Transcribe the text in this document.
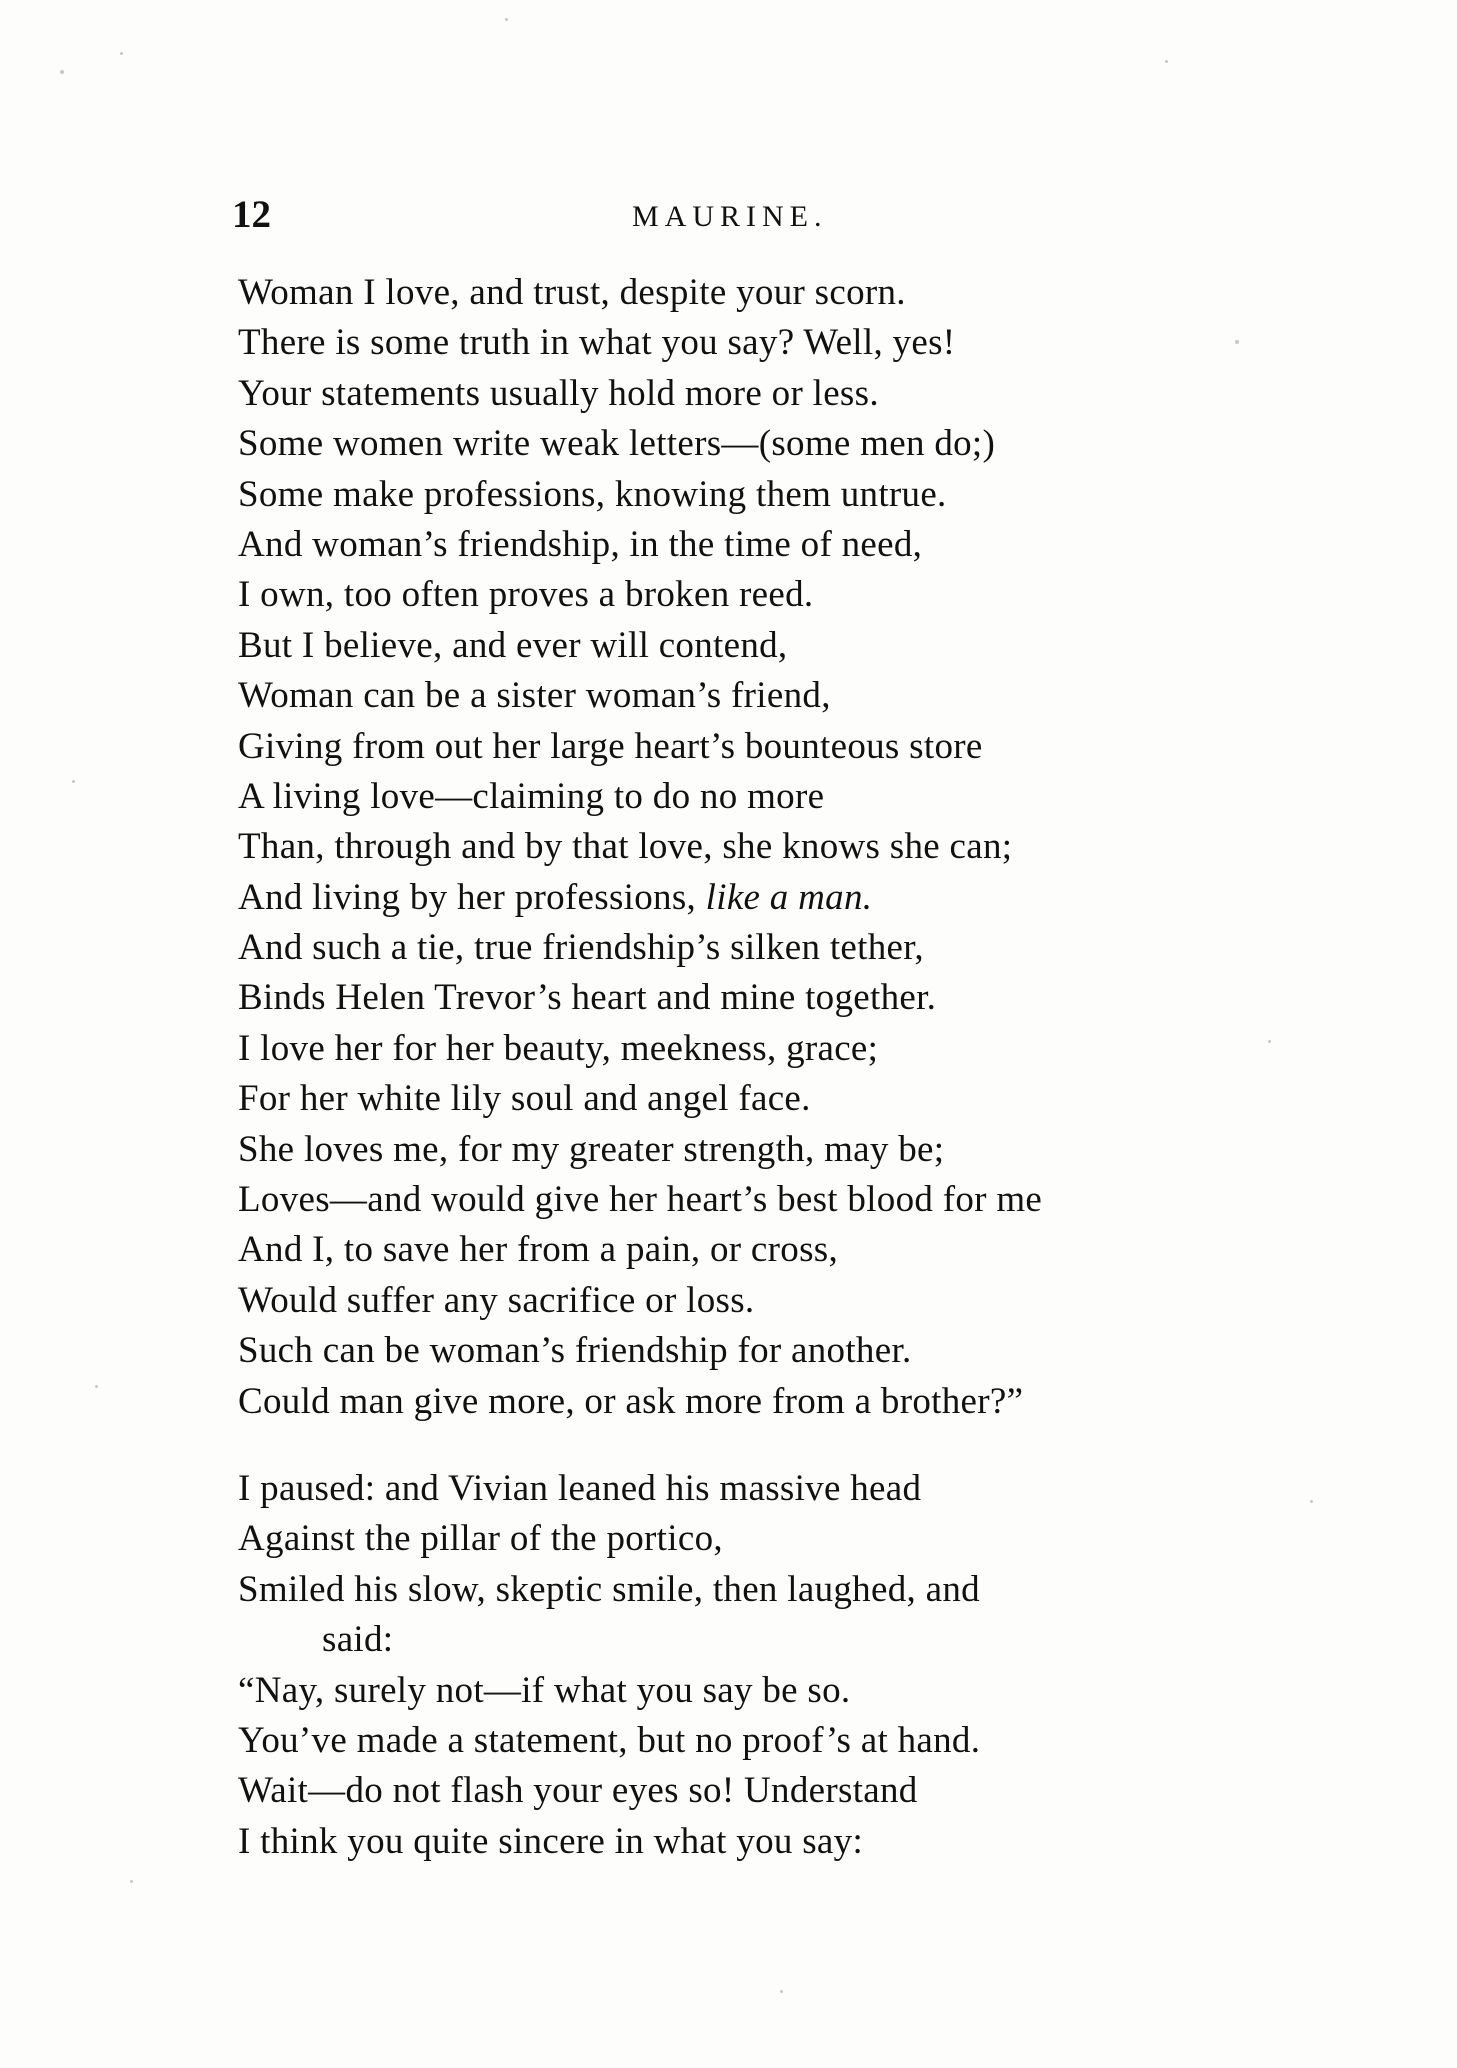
12	MAURINE.
Woman I love, and trust, despite your scorn.
There is some truth in what you say? Well, yes!
Your statements usually hold more or less.
Some women write weak letters—(some men do;)
Some make professions, knowing them untrue.
And woman’s friendship, in the time of need,
I own, too often proves a broken reed.
But I believe, and ever will contend,
Woman can be a sister woman’s friend,
Giving from out her large heart’s bounteous store
A living love—claiming to do no more
Than, through and by that love, she knows she can;
And living by her professions, like a man.
And such a tie, true friendship’s silken tether,
Binds Helen Trevor’s heart and mine together.
I love her for her beauty, meekness, grace;
For her white lily soul and angel face.
She loves me, for my greater strength, may be;
Loves—and would give her heart’s best blood for me
And I, to save her from a pain, or cross,
Would suffer any sacrifice or loss.
Such can be woman’s friendship for another.
Could man give more, or ask more from a brother?”
I paused: and Vivian leaned his massive head
Against the pillar of the portico,
Smiled his slow, skeptic smile, then laughed, and
said:
“Nay, surely not—if what you say be so.
You’ve made a statement, but no proof’s at hand.
Wait—do not flash your eyes so! Understand
I think you quite sincere in what you say:
